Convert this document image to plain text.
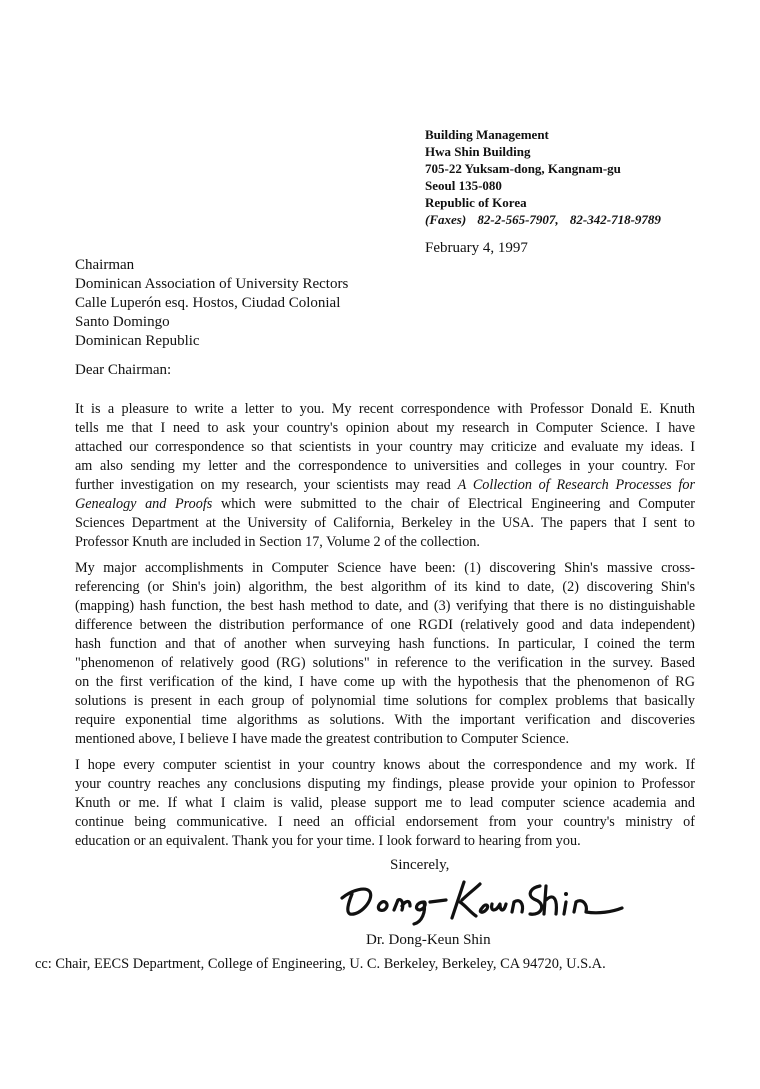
Building Management
Hwa Shin Building
705-22 Yuksam-dong, Kangnam-gu
Seoul 135-080
Republic of Korea
(Faxes) 82-2-565-7907, 82-342-718-9789
February 4, 1997
Chairman
Dominican Association of University Rectors
Calle Luperón esq. Hostos, Ciudad Colonial
Santo Domingo
Dominican Republic
Dear Chairman:
It is a pleasure to write a letter to you. My recent correspondence with Professor Donald E. Knuth
tells me that I need to ask your country's opinion about my research in Computer Science. I have
attached our correspondence so that scientists in your country may criticize and evaluate my ideas. I
am also sending my letter and the correspondence to universities and colleges in your country. For
further investigation on my research, your scientists may read A Collection of Research Processes for
Genealogy and Proofs which were submitted to the chair of Electrical Engineering and Computer
Sciences Department at the University of California, Berkeley in the USA. The papers that I sent to
Professor Knuth are included in Section 17, Volume 2 of the collection.
My major accomplishments in Computer Science have been: (1) discovering Shin's massive cross-
referencing (or Shin's join) algorithm, the best algorithm of its kind to date, (2) discovering Shin's
(mapping) hash function, the best hash method to date, and (3) verifying that there is no distinguishable
difference between the distribution performance of one RGDI (relatively good and data independent)
hash function and that of another when surveying hash functions. In particular, I coined the term
"phenomenon of relatively good (RG) solutions" in reference to the verification in the survey. Based
on the first verification of the kind, I have come up with the hypothesis that the phenomenon of RG
solutions is present in each group of polynomial time solutions for complex problems that basically
require exponential time algorithms as solutions. With the important verification and discoveries
mentioned above, I believe I have made the greatest contribution to Computer Science.
I hope every computer scientist in your country knows about the correspondence and my work. If
your country reaches any conclusions disputing my findings, please provide your opinion to Professor
Knuth or me. If what I claim is valid, please support me to lead computer science academia and
continue being communicative. I need an official endorsement from your country's ministry of
education or an equivalent. Thank you for your time. I look forward to hearing from you.
Sincerely,
Dr. Dong-Keun Shin
cc: Chair, EECS Department, College of Engineering, U. C. Berkeley, Berkeley, CA 94720, U.S.A.
